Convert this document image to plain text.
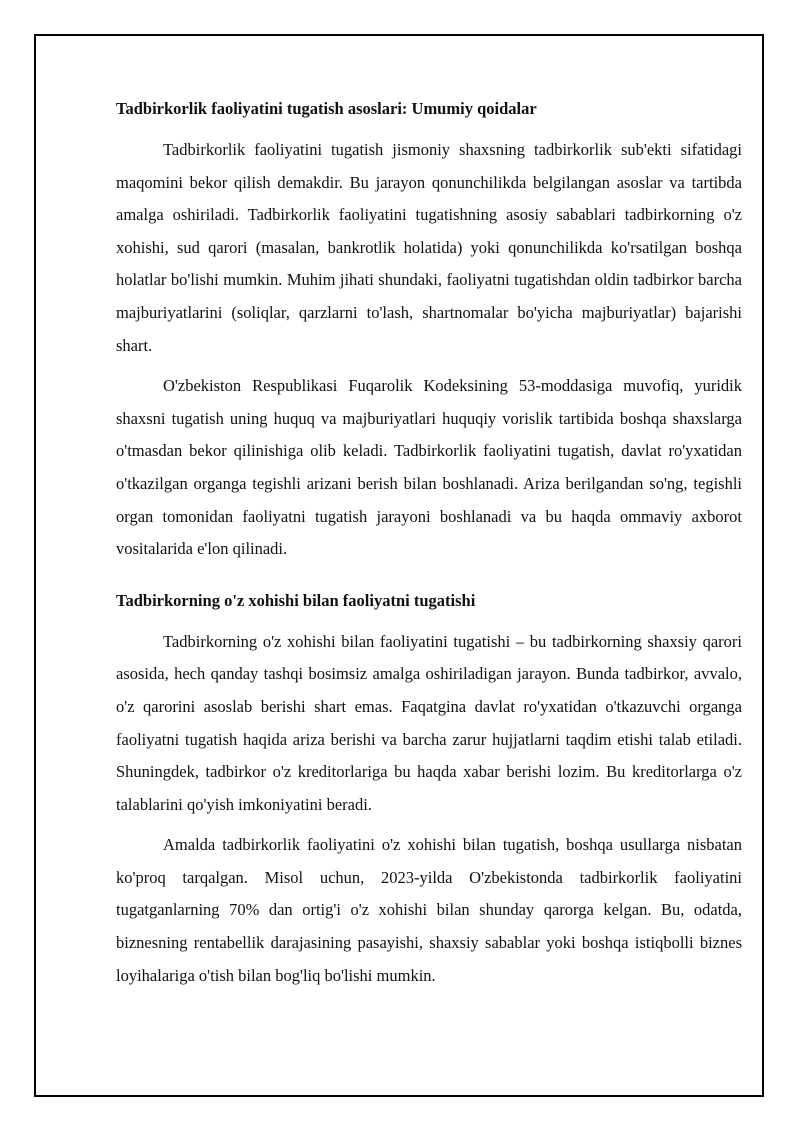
Tadbirkorlik faoliyatini tugatish asoslari: Umumiy qoidalar

Tadbirkorlik faoliyatini tugatish jismoniy shaxsning tadbirkorlik sub'ekti sifatidagi maqomini bekor qilish demakdir. Bu jarayon qonunchilikda belgilangan asoslar va tartibda amalga oshiriladi. Tadbirkorlik faoliyatini tugatishning asosiy sabablari tadbirkorning o'z xohishi, sud qarori (masalan, bankrotlik holatida) yoki qonunchilikda ko'rsatilgan boshqa holatlar bo'lishi mumkin. Muhim jihati shundaki, faoliyatni tugatishdan oldin tadbirkor barcha majburiyatlarini (soliqlar, qarzlarni to'lash, shartnomalar bo'yicha majburiyatlar) bajarishi shart.

O'zbekiston Respublikasi Fuqarolik Kodeksining 53-moddasiga muvofiq, yuridik shaxsni tugatish uning huquq va majburiyatlari huquqiy vorislik tartibida boshqa shaxslarga o'tmasdan bekor qilinishiga olib keladi. Tadbirkorlik faoliyatini tugatish, davlat ro'yxatidan o'tkazilgan organga tegishli arizani berish bilan boshlanadi. Ariza berilgandan so'ng, tegishli organ tomonidan faoliyatni tugatish jarayoni boshlanadi va bu haqda ommaviy axborot vositalarida e'lon qilinadi.

Tadbirkorning o'z xohishi bilan faoliyatni tugatishi

Tadbirkorning o'z xohishi bilan faoliyatini tugatishi – bu tadbirkorning shaxsiy qarori asosida, hech qanday tashqi bosimsiz amalga oshiriladigan jarayon. Bunda tadbirkor, avvalo, o'z qarorini asoslab berishi shart emas. Faqatgina davlat ro'yxatidan o'tkazuvchi organga faoliyatni tugatish haqida ariza berishi va barcha zarur hujjatlarni taqdim etishi talab etiladi. Shuningdek, tadbirkor o'z kreditorlariga bu haqda xabar berishi lozim. Bu kreditorlarga o'z talablarini qo'yish imkoniyatini beradi.

Amalda tadbirkorlik faoliyatini o'z xohishi bilan tugatish, boshqa usullarga nisbatan ko'proq tarqalgan. Misol uchun, 2023-yilda O'zbekistonda tadbirkorlik faoliyatini tugatganlarning 70% dan ortig'i o'z xohishi bilan shunday qarorga kelgan. Bu, odatda, biznesning rentabellik darajasining pasayishi, shaxsiy sabablar yoki boshqa istiqbolli biznes loyihalariga o'tish bilan bog'liq bo'lishi mumkin.
